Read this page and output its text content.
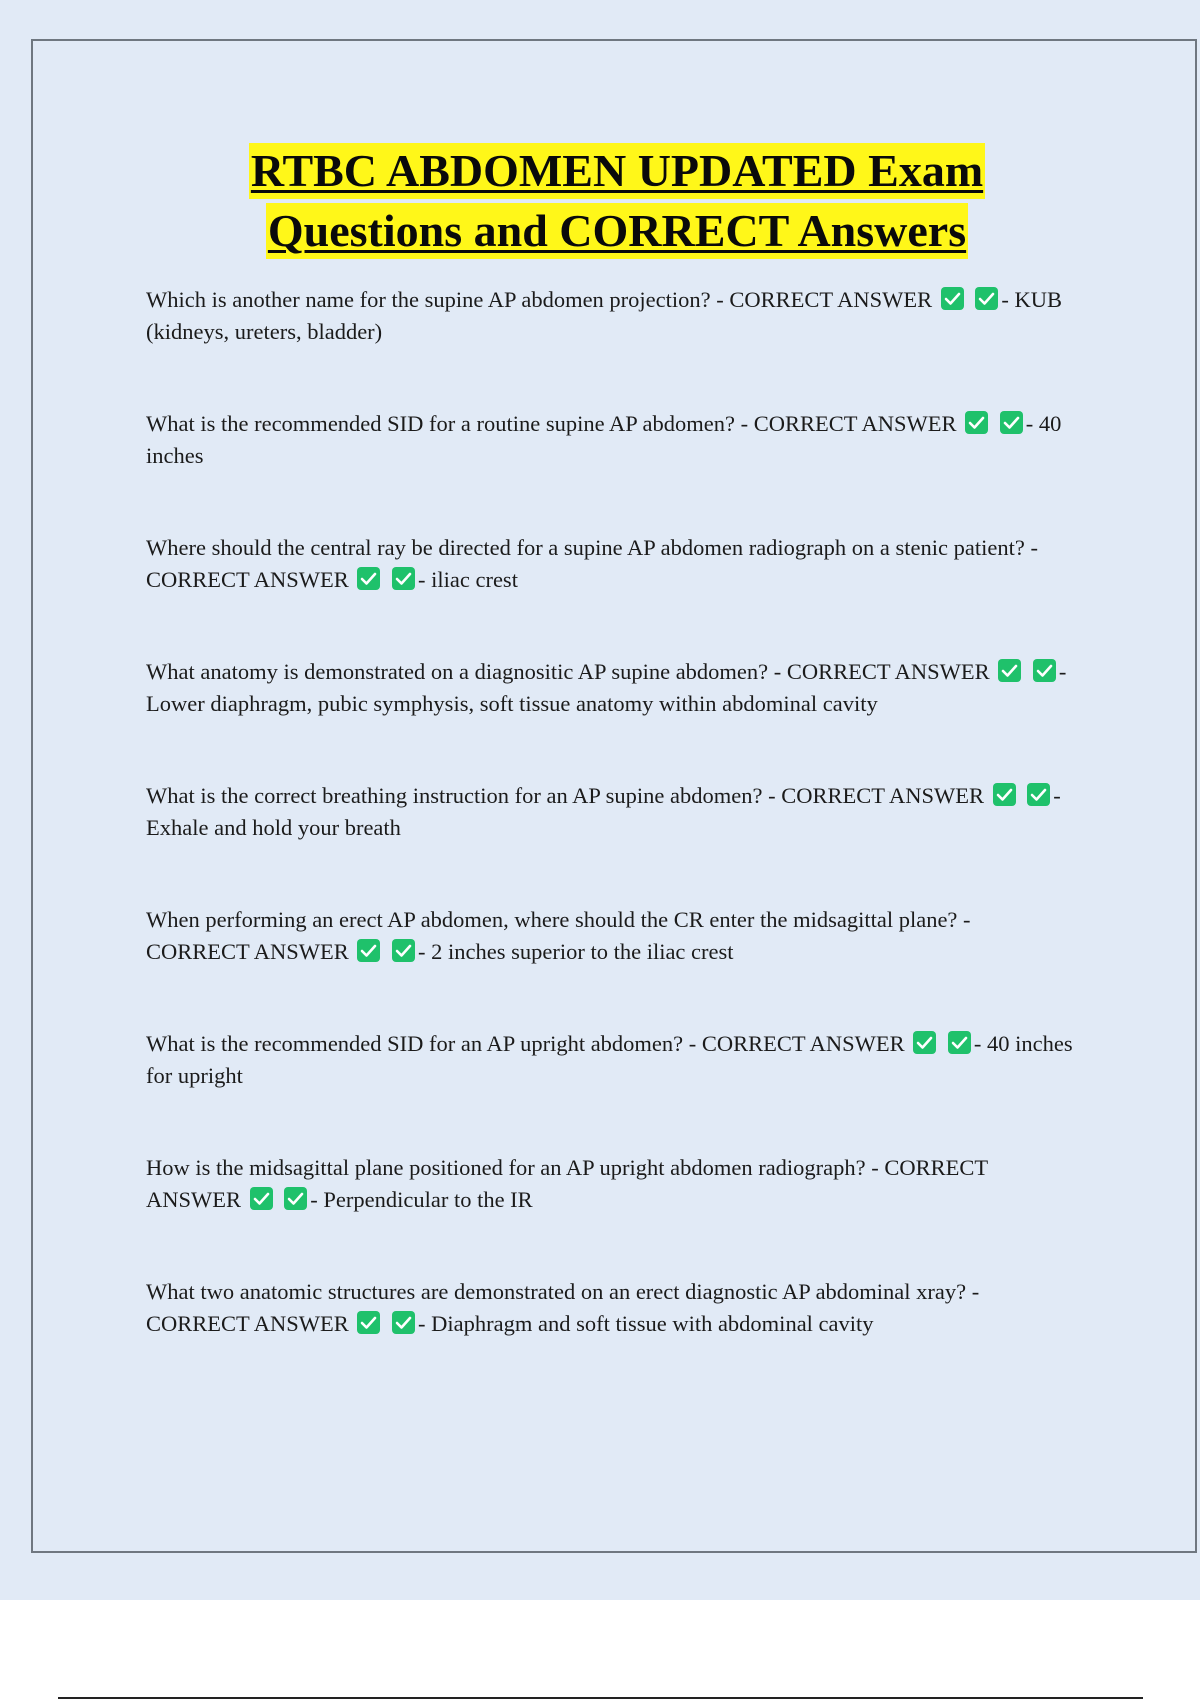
RTBC ABDOMEN UPDATED Exam
Questions and CORRECT Answers

Which is another name for the supine AP abdomen projection? - CORRECT ANSWER
	- KUB (kidneys, ureters, bladder)

What is the recommended SID for a routine supine AP abdomen? - CORRECT ANSWER
	- 40 inches

Where should the central ray be directed for a supine AP abdomen radiograph on a stenic patient? - CORRECT ANSWER
	- iliac crest

What anatomy is demonstrated on a diagnositic AP supine abdomen? - CORRECT ANSWER
	- Lower diaphragm, pubic symphysis, soft tissue anatomy within abdominal cavity

What is the correct breathing instruction for an AP supine abdomen? - CORRECT ANSWER
	- Exhale and hold your breath

When performing an erect AP abdomen, where should the CR enter the midsagittal plane? - CORRECT ANSWER
	- 2 inches superior to the iliac crest

What is the recommended SID for an AP upright abdomen? - CORRECT ANSWER
	- 40 inches for upright

How is the midsagittal plane positioned for an AP upright abdomen radiograph? - CORRECT ANSWER
	- Perpendicular to the IR

What two anatomic structures are demonstrated on an erect diagnostic AP abdominal xray? - CORRECT ANSWER
	- Diaphragm and soft tissue with abdominal cavity
